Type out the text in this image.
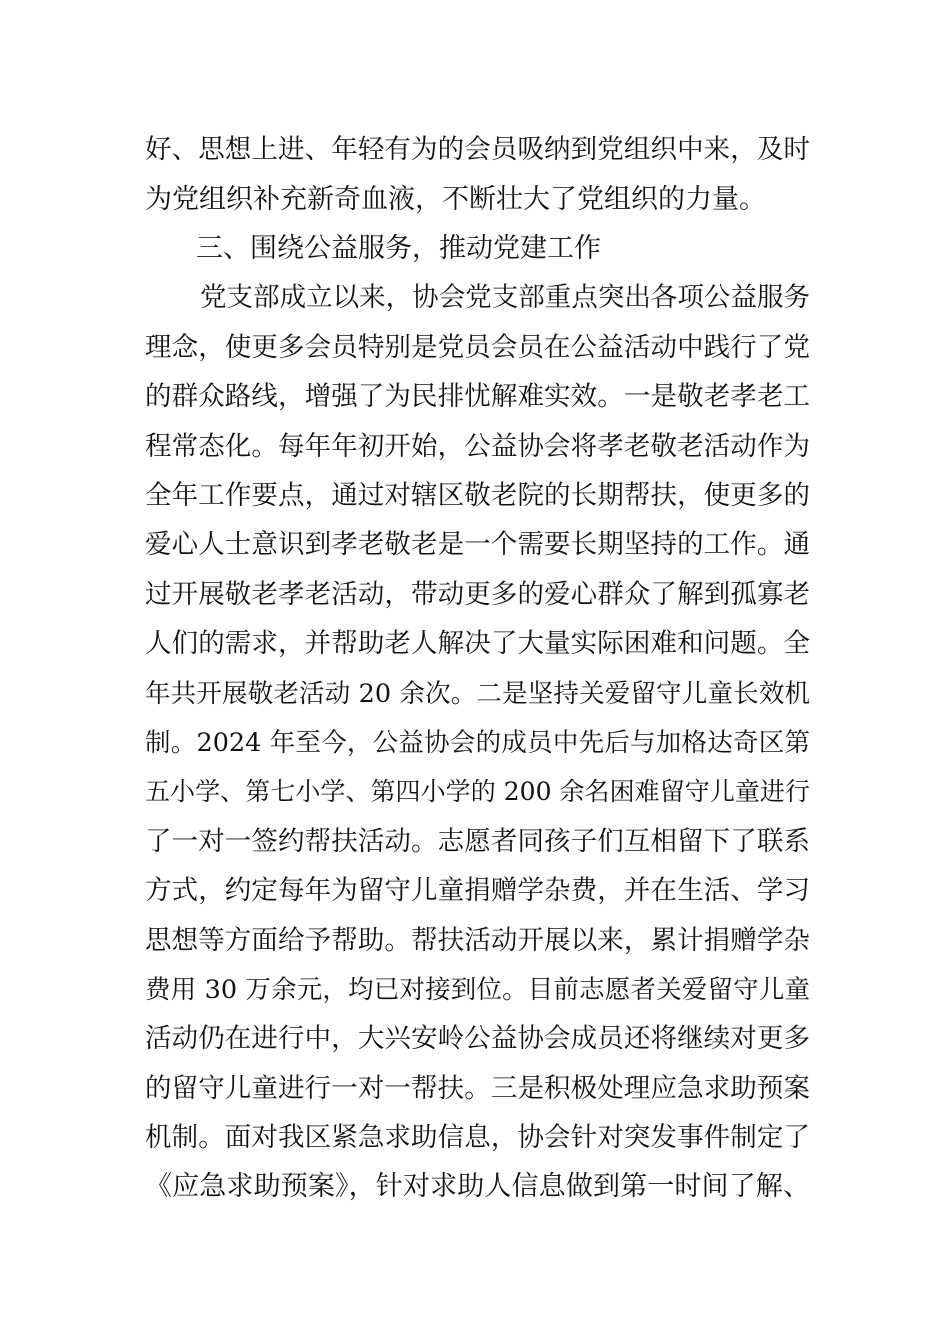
好、思想上进、年轻有为的会员吸纳到党组织中来，及时
为党组织补充新奇血液，不断壮大了党组织的力量。
三、围绕公益服务，推动党建工作
党支部成立以来，协会党支部重点突出各项公益服务
理念，使更多会员特别是党员会员在公益活动中践行了党
的群众路线，增强了为民排忧解难实效。一是敬老孝老工
程常态化。每年年初开始，公益协会将孝老敬老活动作为
全年工作要点，通过对辖区敬老院的长期帮扶，使更多的
爱心人士意识到孝老敬老是一个需要长期坚持的工作。通
过开展敬老孝老活动，带动更多的爱心群众了解到孤寡老
人们的需求，并帮助老人解决了大量实际困难和问题。全
年共开展敬老活动 20 余次。二是坚持关爱留守儿童长效机
制。2024 年至今，公益协会的成员中先后与加格达奇区第
五小学、第七小学、第四小学的 200 余名困难留守儿童进行
了一对一签约帮扶活动。志愿者同孩子们互相留下了联系
方式，约定每年为留守儿童捐赠学杂费，并在生活、学习
思想等方面给予帮助。帮扶活动开展以来，累计捐赠学杂
费用 30 万余元，均已对接到位。目前志愿者关爱留守儿童
活动仍在进行中，大兴安岭公益协会成员还将继续对更多
的留守儿童进行一对一帮扶。三是积极处理应急求助预案
机制。面对我区紧急求助信息，协会针对突发事件制定了
《应急求助预案》，针对求助人信息做到第一时间了解、
